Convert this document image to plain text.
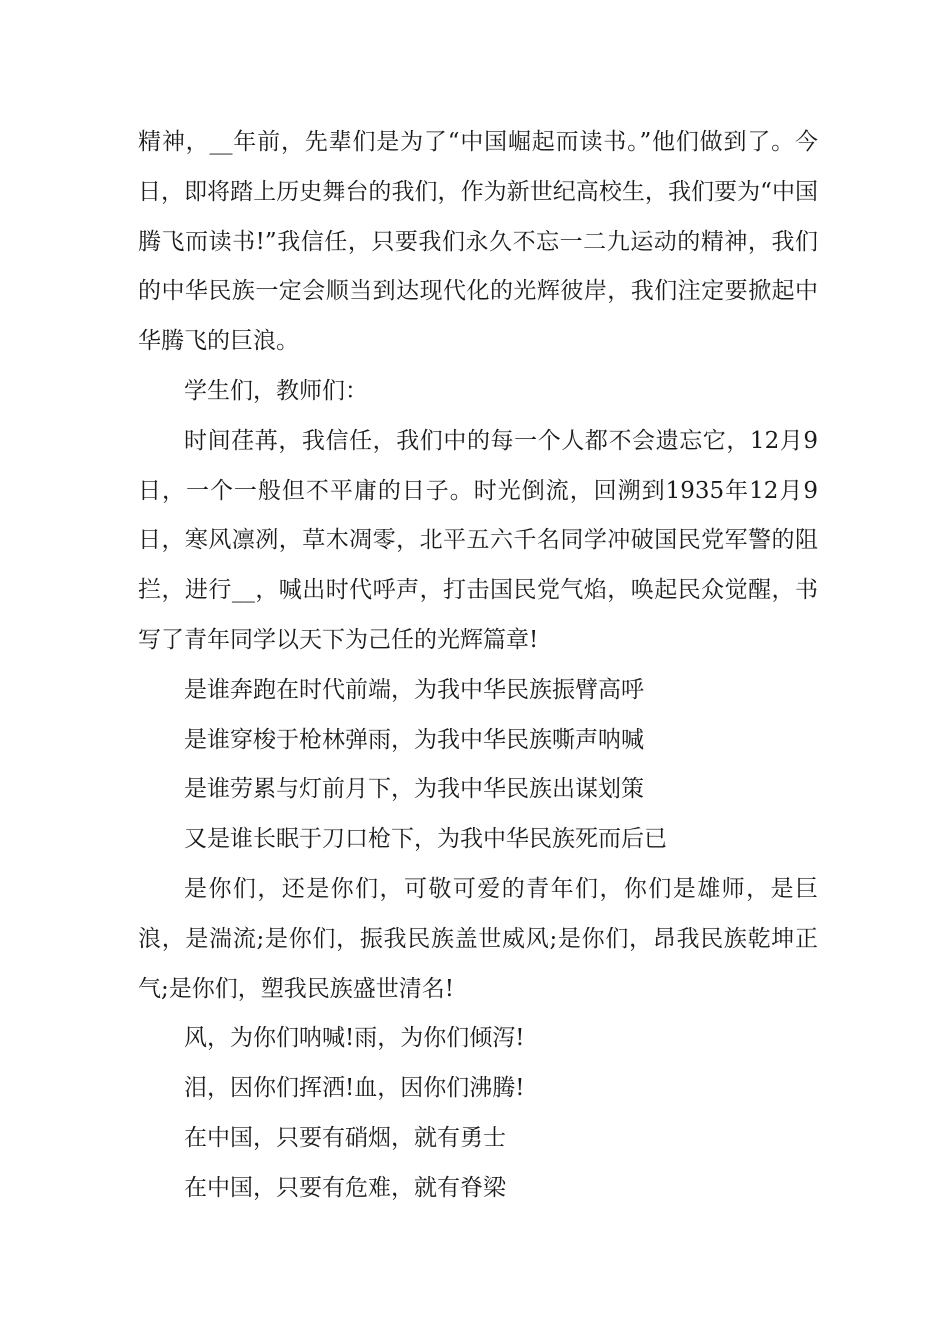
精神，__年前，先辈们是为了“中国崛起而读书。”他们做到了。今日，即将踏上历史舞台的我们，作为新世纪高校生，我们要为“中国腾飞而读书!”我信任，只要我们永久不忘一二九运动的精神，我们的中华民族一定会顺当到达现代化的光辉彼岸，我们注定要掀起中华腾飞的巨浪。

学生们，教师们：

时间荏苒，我信任，我们中的每一个人都不会遗忘它，12月9日，一个一般但不平庸的日子。时光倒流，回溯到1935年12月9日，寒风凛冽，草木凋零，北平五六千名同学冲破国民党军警的阻拦，进行__，喊出时代呼声，打击国民党气焰，唤起民众觉醒，书写了青年同学以天下为己任的光辉篇章!

是谁奔跑在时代前端，为我中华民族振臂高呼

是谁穿梭于枪林弹雨，为我中华民族嘶声呐喊

是谁劳累与灯前月下，为我中华民族出谋划策

又是谁长眠于刀口枪下，为我中华民族死而后已

是你们，还是你们，可敬可爱的青年们，你们是雄师，是巨浪，是湍流;是你们，振我民族盖世威风;是你们，昂我民族乾坤正气;是你们，塑我民族盛世清名!

风，为你们呐喊!雨，为你们倾泻!

泪，因你们挥洒!血，因你们沸腾!

在中国，只要有硝烟，就有勇士

在中国，只要有危难，就有脊梁
